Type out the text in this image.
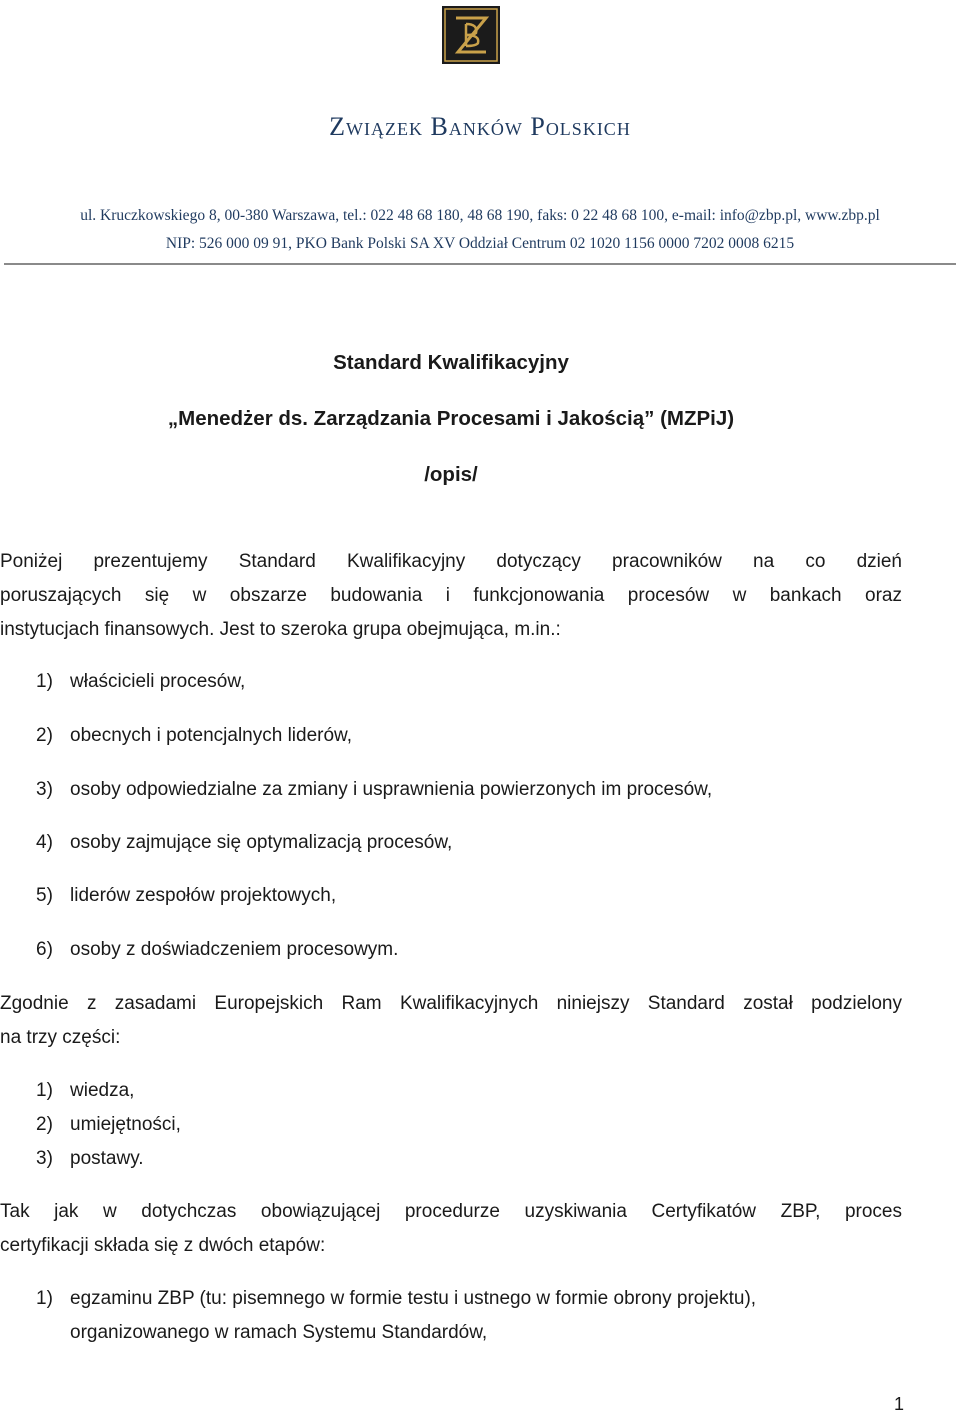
Związek Banków Polskich
ul. Kruczkowskiego 8, 00-380 Warszawa, tel.: 022 48 68 180, 48 68 190, faks: 0 22 48 68 100, e-mail: info@zbp.pl, www.zbp.pl
NIP: 526 000 09 91, PKO Bank Polski SA XV Oddział Centrum 02 1020 1156 0000 7202 0008 6215
Standard Kwalifikacyjny
„Menedżer ds. Zarządzania Procesami i Jakością” (MZPiJ)
/opis/
Poniżej prezentujemy Standard Kwalifikacyjny dotyczący pracowników na co dzień
poruszających się w obszarze budowania i funkcjonowania procesów w bankach oraz
instytucjach finansowych. Jest to szeroka grupa obejmująca, m.in.:
1) właścicieli procesów,
2) obecnych i potencjalnych liderów,
3) osoby odpowiedzialne za zmiany i usprawnienia powierzonych im procesów,
4) osoby zajmujące się optymalizacją procesów,
5) liderów zespołów projektowych,
6) osoby z doświadczeniem procesowym.
Zgodnie z zasadami Europejskich Ram Kwalifikacyjnych niniejszy Standard został podzielony
na trzy części:
1) wiedza,
2) umiejętności,
3) postawy.
Tak jak w dotychczas obowiązującej procedurze uzyskiwania Certyfikatów ZBP, proces
certyfikacji składa się z dwóch etapów:
1) egzaminu ZBP (tu: pisemnego w formie testu i ustnego w formie obrony projektu),
organizowanego w ramach Systemu Standardów,
1
